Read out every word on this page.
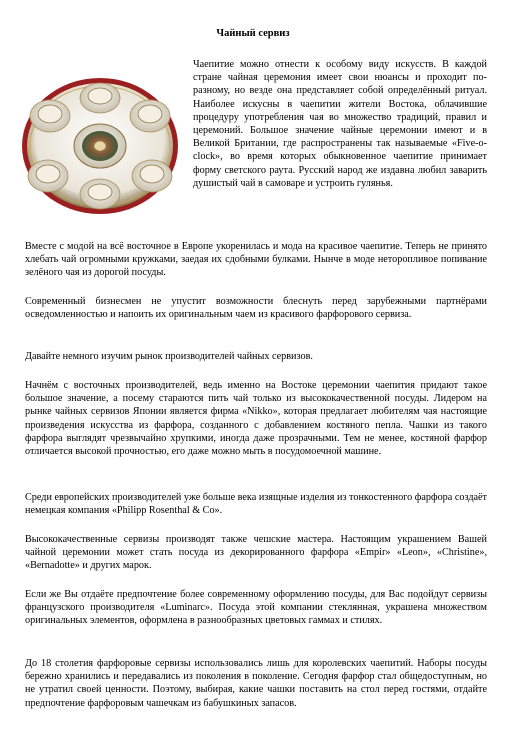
Чайный сервиз

Чаепитие можно отнести к особому виду искусств. В каждой стране чайная церемония имеет свои нюансы и проходит по-разному, но везде она представляет собой определённый ритуал. Наиболее искусны в чаепитии жители Востока, облачившие процедуру употребления чая во множество традиций, правил и церемоний. Большое значение чайные церемонии имеют и в Великой Британии, где распространены так называемые «Five-o-clock», во время которых обыкновенное чаепитие принимает форму светского раута. Русский народ же издавна любил заварить душистый чай в самоваре и устроить гулянья.

Вместе с модой на всё восточное в Европе укоренилась и мода на красивое чаепитие. Теперь не принято хлебать чай огромными кружками, заедая их сдобными булками. Нынче в моде неторопливое попивание зелёного чая из дорогой посуды.

Современный бизнесмен не упустит возможности блеснуть перед зарубежными партнёрами осведомленностью и напоить их оригинальным чаем из красивого фарфорового сервиза.

Давайте немного изучим рынок производителей чайных сервизов.

Начнём с восточных производителей, ведь именно на Востоке церемонии чаепития придают такое большое значение, а посему стараются пить чай только из высококачественной посуды. Лидером на рынке чайных сервизов Японии является фирма «Nikko», которая предлагает любителям чая настоящие произведения искусства из фарфора, созданного с добавлением костяного пепла. Чашки из такого фарфора выглядят чрезвычайно хрупкими, иногда даже прозрачными. Тем не менее, костяной фарфор отличается высокой прочностью, его даже можно мыть в посудомоечной машине.

Среди европейских производителей уже больше века изящные изделия из тонкостенного фарфора создаёт немецкая компания «Philipp Rosenthal & Co».

Высококачественные сервизы производят также чешские мастера. Настоящим украшением Вашей чайной церемонии может стать посуда из декорированного фарфора «Empir» «Leon», «Christine», «Bernadotte» и других марок.

Если же Вы отдаёте предпочтение более современному оформлению посуды, для Вас подойдут сервизы французского производителя «Luminarc». Посуда этой компании стеклянная, украшена множеством оригинальных элементов, оформлена в разнообразных цветовых гаммах и стилях.

До 18 столетия фарфоровые сервизы использовались лишь для королевских чаепитий. Наборы посуды бережно хранились и передавались из поколения в поколение. Сегодня фарфор стал общедоступным, но не утратил своей ценности. Поэтому, выбирая, какие чашки поставить на стол перед гостями, отдайте предпочтение фарфоровым чашечкам из бабушкиных запасов.
